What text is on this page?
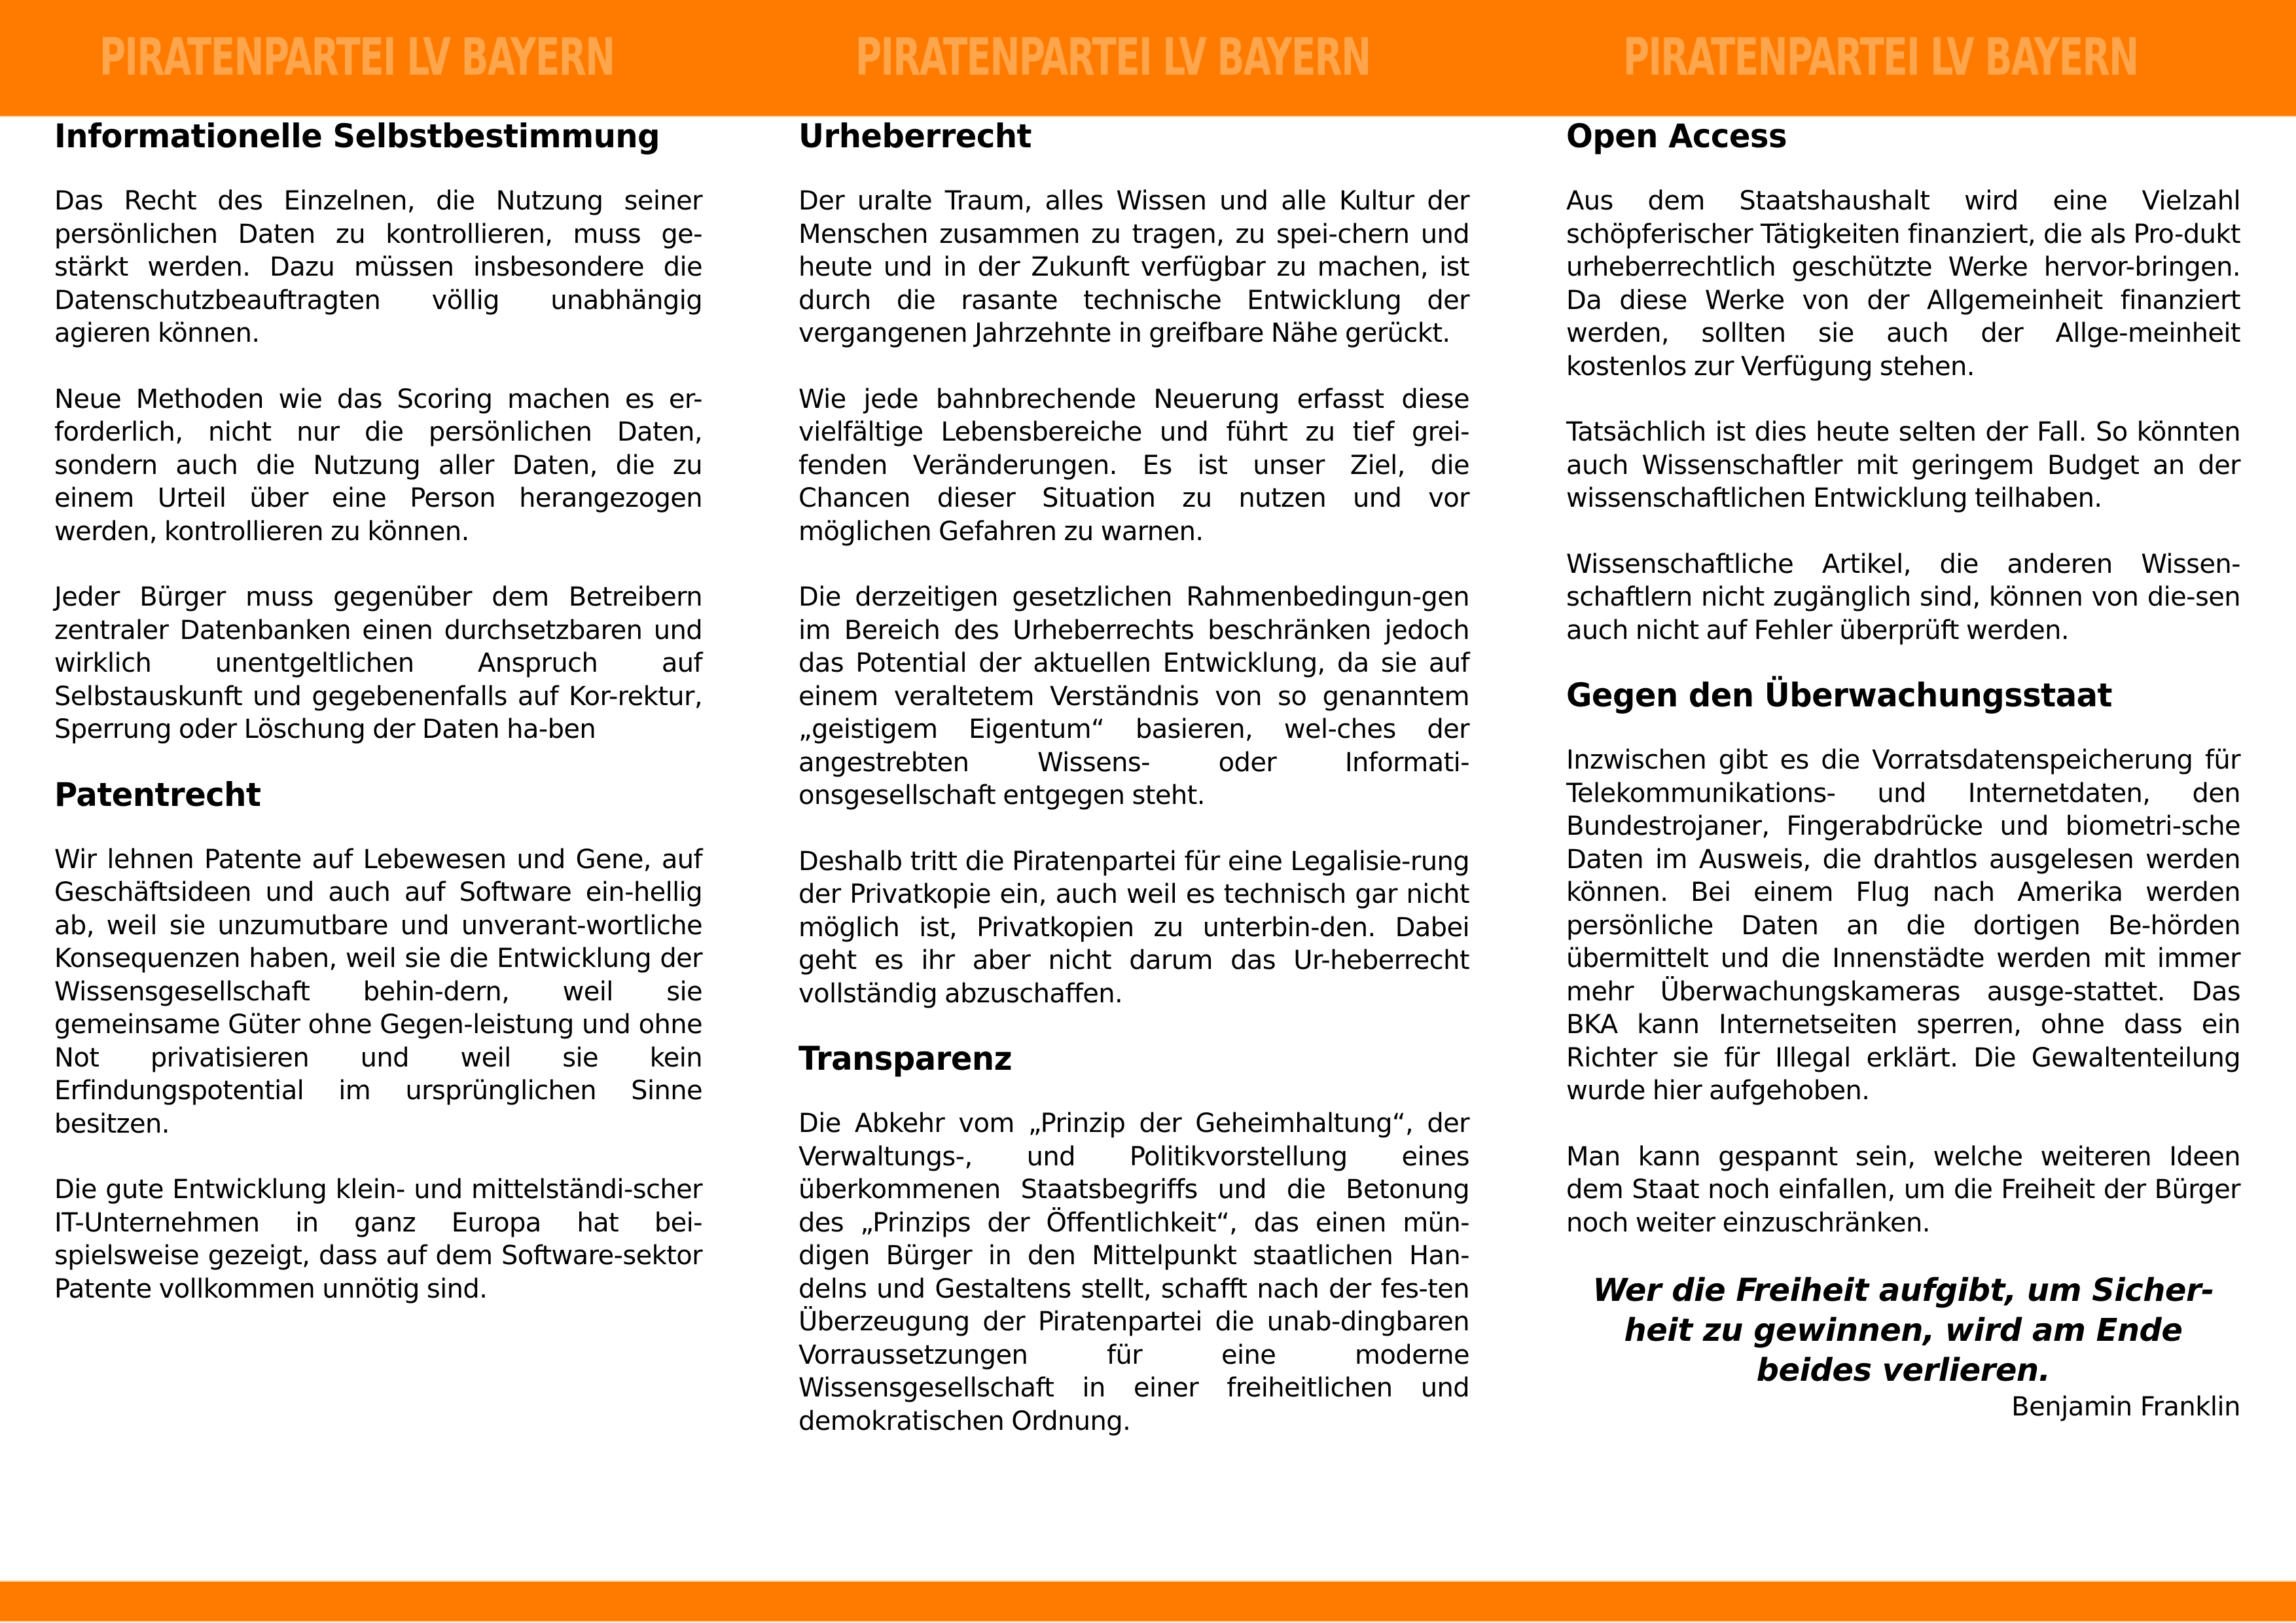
PIRATENPARTEI LV BAYERN	PIRATENPARTEI LV BAYERN	PIRATENPARTEI LV BAYERN
Informationelle Selbstbestimmung

Das Recht des Einzelnen, die Nutzung seiner persönlichen Daten zu kontrollieren, muss ge-stärkt werden. Dazu müssen insbesondere die Datenschutzbeauftragten völlig unabhängig agieren können.

Neue Methoden wie das Scoring machen es er-forderlich, nicht nur die persönlichen Daten, sondern auch die Nutzung aller Daten, die zu einem Urteil über eine Person herangezogen werden, kontrollieren zu können.

Jeder Bürger muss gegenüber dem Betreibern zentraler Datenbanken einen durchsetzbaren und wirklich unentgeltlichen Anspruch auf Selbstauskunft und gegebenenfalls auf Kor-rektur, Sperrung oder Löschung der Daten ha-ben

Patentrecht

Wir lehnen Patente auf Lebewesen und Gene, auf Geschäftsideen und auch auf Software ein-hellig ab, weil sie unzumutbare und unverant-wortliche Konsequenzen haben, weil sie die Entwicklung der Wissensgesellschaft behin-dern, weil sie gemeinsame Güter ohne Gegen-leistung und ohne Not privatisieren und weil sie kein Erfindungspotential im ursprünglichen Sinne besitzen.

Die gute Entwicklung klein- und mittelständi-scher IT-Unternehmen in ganz Europa hat bei-spielsweise gezeigt, dass auf dem Software-sektor Patente vollkommen unnötig sind.

Urheberrecht

Der uralte Traum, alles Wissen und alle Kultur der Menschen zusammen zu tragen, zu spei-chern und heute und in der Zukunft verfügbar zu machen, ist durch die rasante technische Entwicklung der vergangenen Jahrzehnte in greifbare Nähe gerückt.

Wie jede bahnbrechende Neuerung erfasst diese vielfältige Lebensbereiche und führt zu tief grei-fenden Veränderungen. Es ist unser Ziel, die Chancen dieser Situation zu nutzen und vor möglichen Gefahren zu warnen.

Die derzeitigen gesetzlichen Rahmenbedingun-gen im Bereich des Urheberrechts beschränken jedoch das Potential der aktuellen Entwicklung, da sie auf einem veraltetem Verständnis von so genanntem „geistigem Eigentum“ basieren, wel-ches der angestrebten Wissens- oder Informati-onsgesellschaft entgegen steht.

Deshalb tritt die Piratenpartei für eine Legalisie-rung der Privatkopie ein, auch weil es technisch gar nicht möglich ist, Privatkopien zu unterbin-den. Dabei geht es ihr aber nicht darum das Ur-heberrecht vollständig abzuschaffen.

Transparenz

Die Abkehr vom „Prinzip der Geheimhaltung“, der Verwaltungs-, und Politikvorstellung eines überkommenen Staatsbegriffs und die Betonung des „Prinzips der Öffentlichkeit“, das einen mün-digen Bürger in den Mittelpunkt staatlichen Han-delns und Gestaltens stellt, schafft nach der fes-ten Überzeugung der Piratenpartei die unab-dingbaren Vorraussetzungen für eine moderne Wissensgesellschaft in einer freiheitlichen und demokratischen Ordnung.

Open Access

Aus dem Staatshaushalt wird eine Vielzahl schöpferischer Tätigkeiten finanziert, die als Pro-dukt urheberrechtlich geschützte Werke hervor-bringen. Da diese Werke von der Allgemeinheit finanziert werden, sollten sie auch der Allge-meinheit kostenlos zur Verfügung stehen.

Tatsächlich ist dies heute selten der Fall. So könnten auch Wissenschaftler mit geringem Budget an der wissenschaftlichen Entwicklung teilhaben.

Wissenschaftliche Artikel, die anderen Wissen-schaftlern nicht zugänglich sind, können von die-sen auch nicht auf Fehler überprüft werden.

Gegen den Überwachungsstaat

Inzwischen gibt es die Vorratsdatenspeicherung für Telekommunikations- und Internetdaten, den Bundestrojaner, Fingerabdrücke und biometri-sche Daten im Ausweis, die drahtlos ausgelesen werden können. Bei einem Flug nach Amerika werden persönliche Daten an die dortigen Be-hörden übermittelt und die Innenstädte werden mit immer mehr Überwachungskameras ausge-stattet. Das BKA kann Internetseiten sperren, ohne dass ein Richter sie für Illegal erklärt. Die Gewaltenteilung wurde hier aufgehoben.

Man kann gespannt sein, welche weiteren Ideen dem Staat noch einfallen, um die Freiheit der Bürger noch weiter einzuschränken.

Wer die Freiheit aufgibt, um Sicher-heit zu gewinnen, wird am Ende beides verlieren.

Benjamin Franklin
